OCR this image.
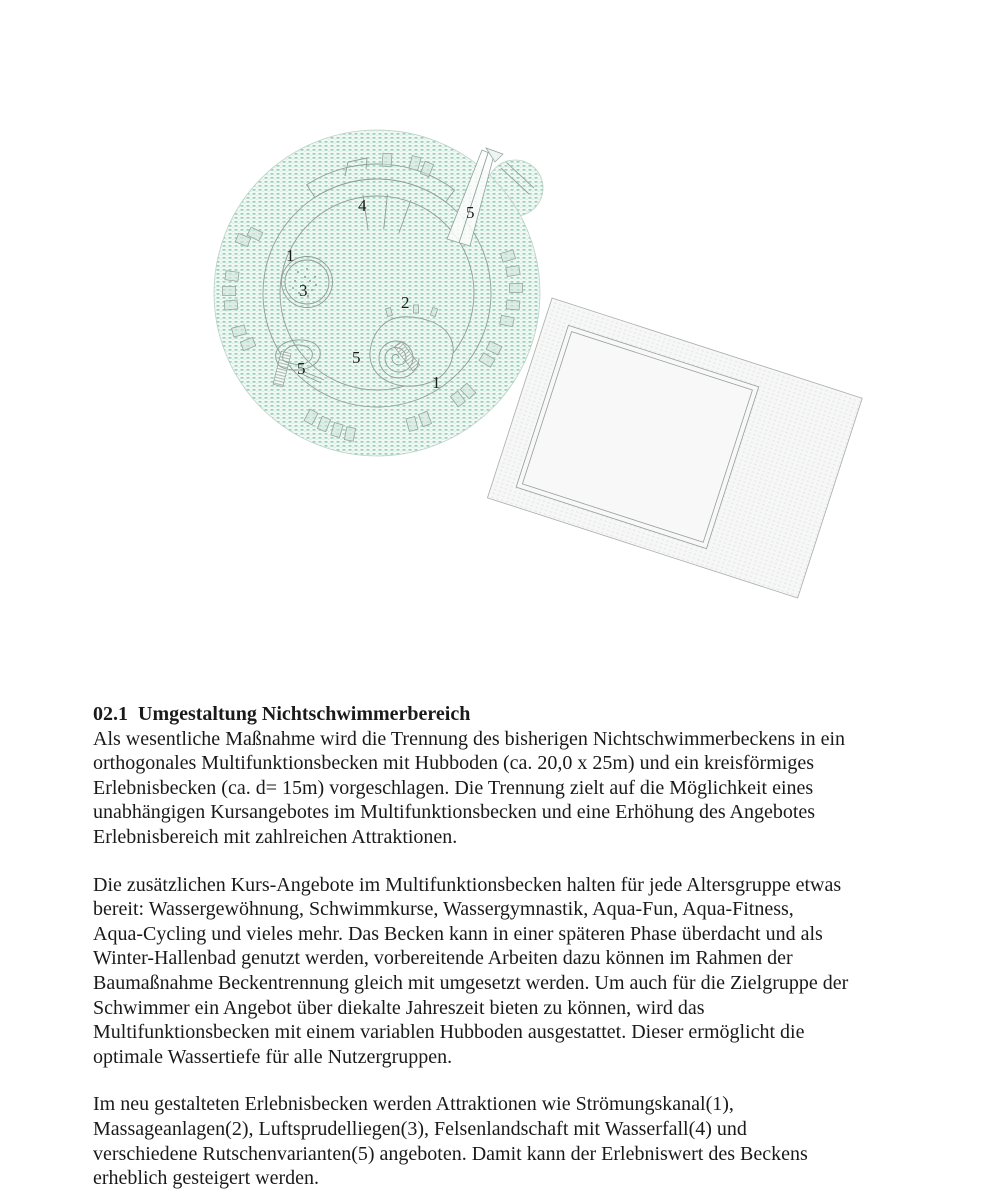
1
3
4	5
2
5
1
5
02.1  Umgestaltung Nichtschwimmerbereich
Als wesentliche Maßnahme wird die Trennung des bisherigen Nichtschwimmerbeckens in ein
orthogonales Multifunktionsbecken mit Hubboden (ca. 20,0 x 25m) und ein kreisförmiges
Erlebnisbecken (ca. d= 15m) vorgeschlagen. Die Trennung zielt auf die Möglichkeit eines
unabhängigen Kursangebotes im Multifunktionsbecken und eine Erhöhung des Angebotes
Erlebnisbereich mit zahlreichen Attraktionen.
Die zusätzlichen Kurs-Angebote im Multifunktionsbecken halten für jede Altersgruppe etwas
bereit: Wassergewöhnung, Schwimmkurse, Wassergymnastik, Aqua-Fun, Aqua-Fitness,
Aqua-Cycling und vieles mehr. Das Becken kann in einer späteren Phase überdacht und als
Winter-Hallenbad genutzt werden, vorbereitende Arbeiten dazu können im Rahmen der
Baumaßnahme Beckentrennung gleich mit umgesetzt werden. Um auch für die Zielgruppe der
Schwimmer ein Angebot über diekalte Jahreszeit bieten zu können, wird das
Multifunktionsbecken mit einem variablen Hubboden ausgestattet. Dieser ermöglicht die
optimale Wassertiefe für alle Nutzergruppen.
Im neu gestalteten Erlebnisbecken werden Attraktionen wie Strömungskanal(1),
Massageanlagen(2), Luftsprudelliegen(3), Felsenlandschaft mit Wasserfall(4) und
verschiedene Rutschenvarianten(5) angeboten. Damit kann der Erlebniswert des Beckens
erheblich gesteigert werden.
